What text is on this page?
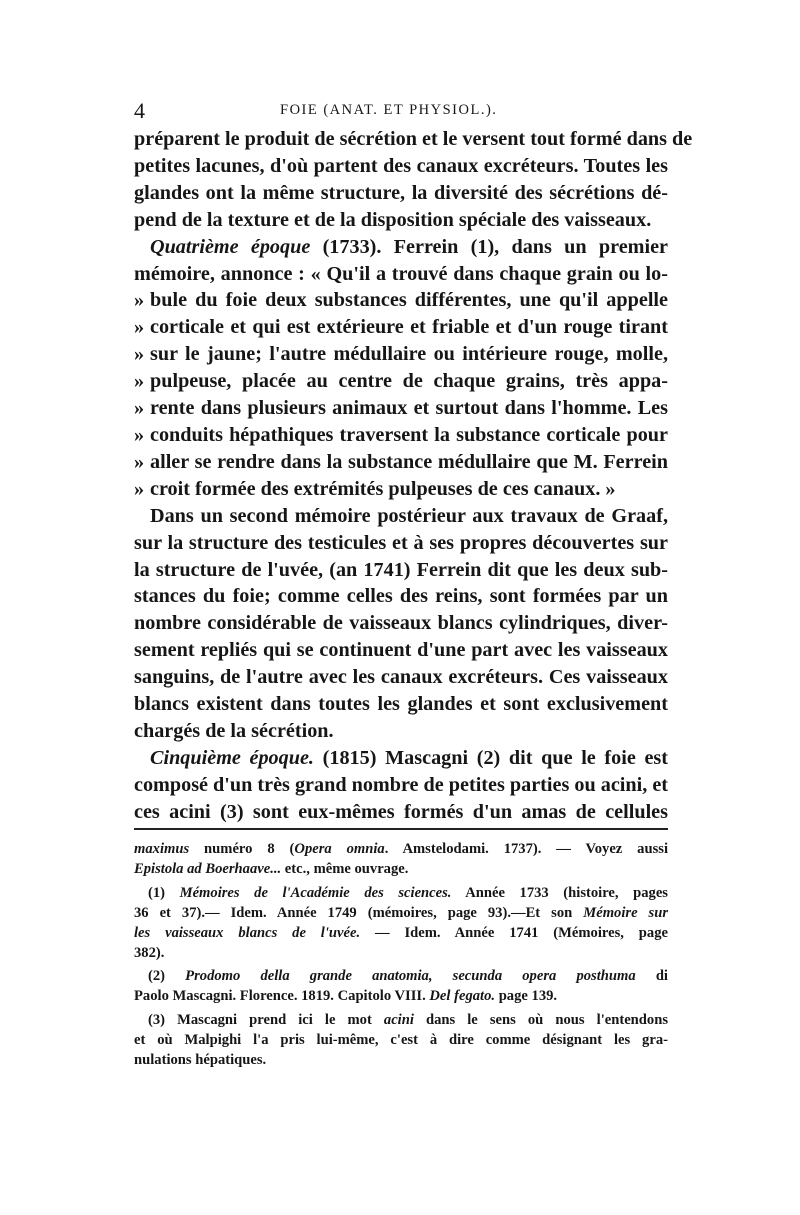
4	FOIE (ANAT. ET PHYSIOL.).

préparent le produit de sécrétion et le versent tout formé dans de
petites lacunes, d'où partent des canaux excréteurs. Toutes les
glandes ont la même structure, la diversité des sécrétions dé-
pend de la texture et de la disposition spéciale des vaisseaux.

Quatrième époque (1733). Ferrein (1), dans un premier
mémoire, annonce : « Qu'il a trouvé dans chaque grain ou lo-
» bule du foie deux substances différentes, une qu'il appelle
» corticale et qui est extérieure et friable et d'un rouge tirant
» sur le jaune; l'autre médullaire ou intérieure rouge, molle,
» pulpeuse, placée au centre de chaque grains, très appa-
» rente dans plusieurs animaux et surtout dans l'homme. Les
» conduits hépathiques traversent la substance corticale pour
» aller se rendre dans la substance médullaire que M. Ferrein
» croit formée des extrémités pulpeuses de ces canaux. »

Dans un second mémoire postérieur aux travaux de Graaf,
sur la structure des testicules et à ses propres découvertes sur
la structure de l'uvée, (an 1741) Ferrein dit que les deux sub-
stances du foie; comme celles des reins, sont formées par un
nombre considérable de vaisseaux blancs cylindriques, diver-
sement repliés qui se continuent d'une part avec les vaisseaux
sanguins, de l'autre avec les canaux excréteurs. Ces vaisseaux
blancs existent dans toutes les glandes et sont exclusivement
chargés de la sécrétion.

Cinquième époque. (1815) Mascagni (2) dit que le foie est
composé d'un très grand nombre de petites parties ou acini, et
ces acini (3) sont eux-mêmes formés d'un amas de cellules

maximus numéro 8 (Opera omnia. Amstelodami. 1737). — Voyez aussi
Epistola ad Boerhaave... etc., même ouvrage.
(1) Mémoires de l'Académie des sciences. Année 1733 (histoire, pages
36 et 37).— Idem. Année 1749 (mémoires, page 93).—Et son Mémoire sur
les vaisseaux blancs de l'uvée. — Idem. Année 1741 (Mémoires, page
382).
(2) Prodomo della grande anatomia, secunda opera posthuma di
Paolo Mascagni. Florence. 1819. Capitolo VIII. Del fegato. page 139.
(3) Mascagni prend ici le mot acini dans le sens où nous l'entendons
et où Malpighi l'a pris lui-même, c'est à dire comme désignant les gra-
nulations hépatiques.
